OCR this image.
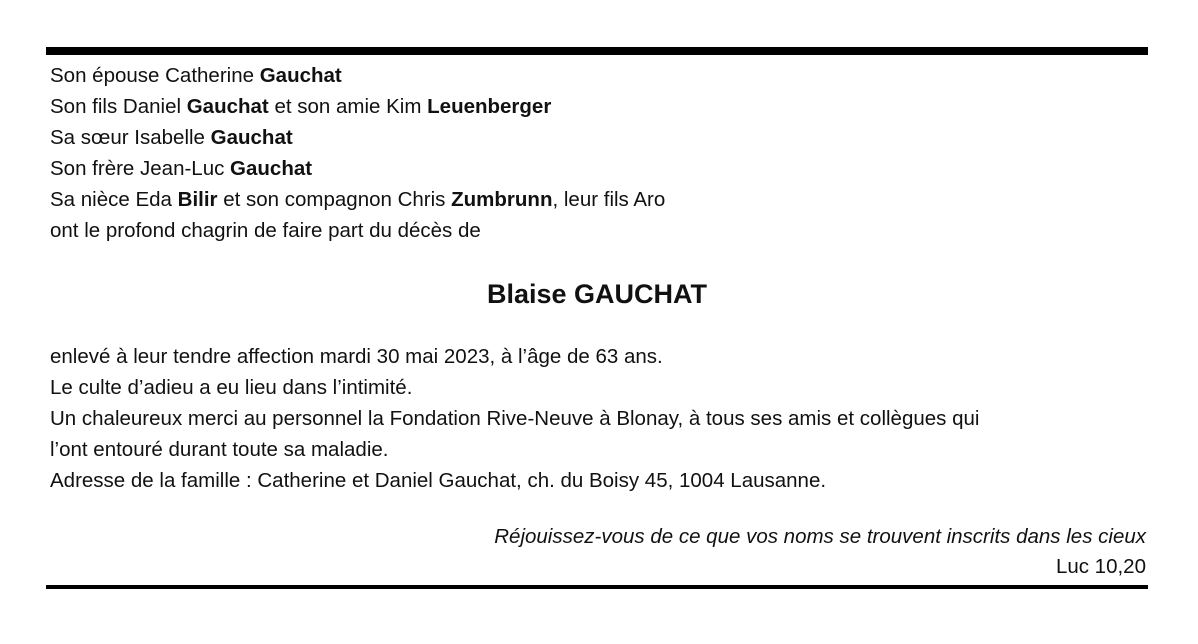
Son épouse Catherine Gauchat
Son fils Daniel Gauchat et son amie Kim Leuenberger
Sa sœur Isabelle Gauchat
Son frère Jean-Luc Gauchat
Sa nièce Eda Bilir et son compagnon Chris Zumbrunn, leur fils Aro
ont le profond chagrin de faire part du décès de
Blaise GAUCHAT
enlevé à leur tendre affection mardi 30 mai 2023, à l’âge de 63 ans.
Le culte d’adieu a eu lieu dans l’intimité.
Un chaleureux merci au personnel la Fondation Rive-Neuve à Blonay, à tous ses amis et collègues qui
l’ont entouré durant toute sa maladie.
Adresse de la famille : Catherine et Daniel Gauchat, ch. du Boisy 45, 1004 Lausanne.
Réjouissez-vous de ce que vos noms se trouvent inscrits dans les cieux
Luc 10,20
